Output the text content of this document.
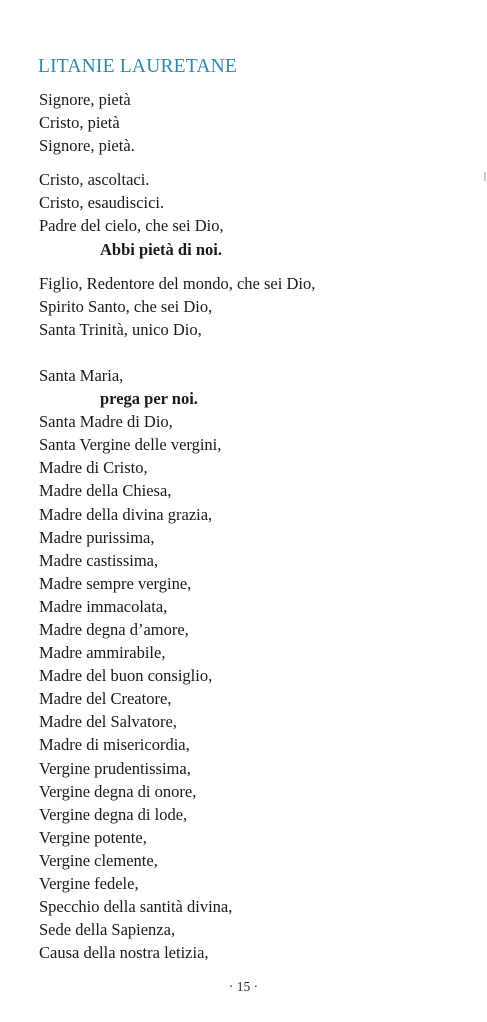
LITANIE LAURETANE
Signore, pietà
Cristo, pietà
Signore, pietà.
Cristo, ascoltaci.
Cristo, esaudiscici.
Padre del cielo, che sei Dio,
Abbi pietà di noi.
Figlio, Redentore del mondo, che sei Dio,
Spirito Santo, che sei Dio,
Santa Trinità, unico Dio,
Santa Maria,
prega per noi.
Santa Madre di Dio,
Santa Vergine delle vergini,
Madre di Cristo,
Madre della Chiesa,
Madre della divina grazia,
Madre purissima,
Madre castissima,
Madre sempre vergine,
Madre immacolata,
Madre degna d’amore,
Madre ammirabile,
Madre del buon consiglio,
Madre del Creatore,
Madre del Salvatore,
Madre di misericordia,
Vergine prudentissima,
Vergine degna di onore,
Vergine degna di lode,
Vergine potente,
Vergine clemente,
Vergine fedele,
Specchio della santità divina,
Sede della Sapienza,
Causa della nostra letizia,
· 15 ·
